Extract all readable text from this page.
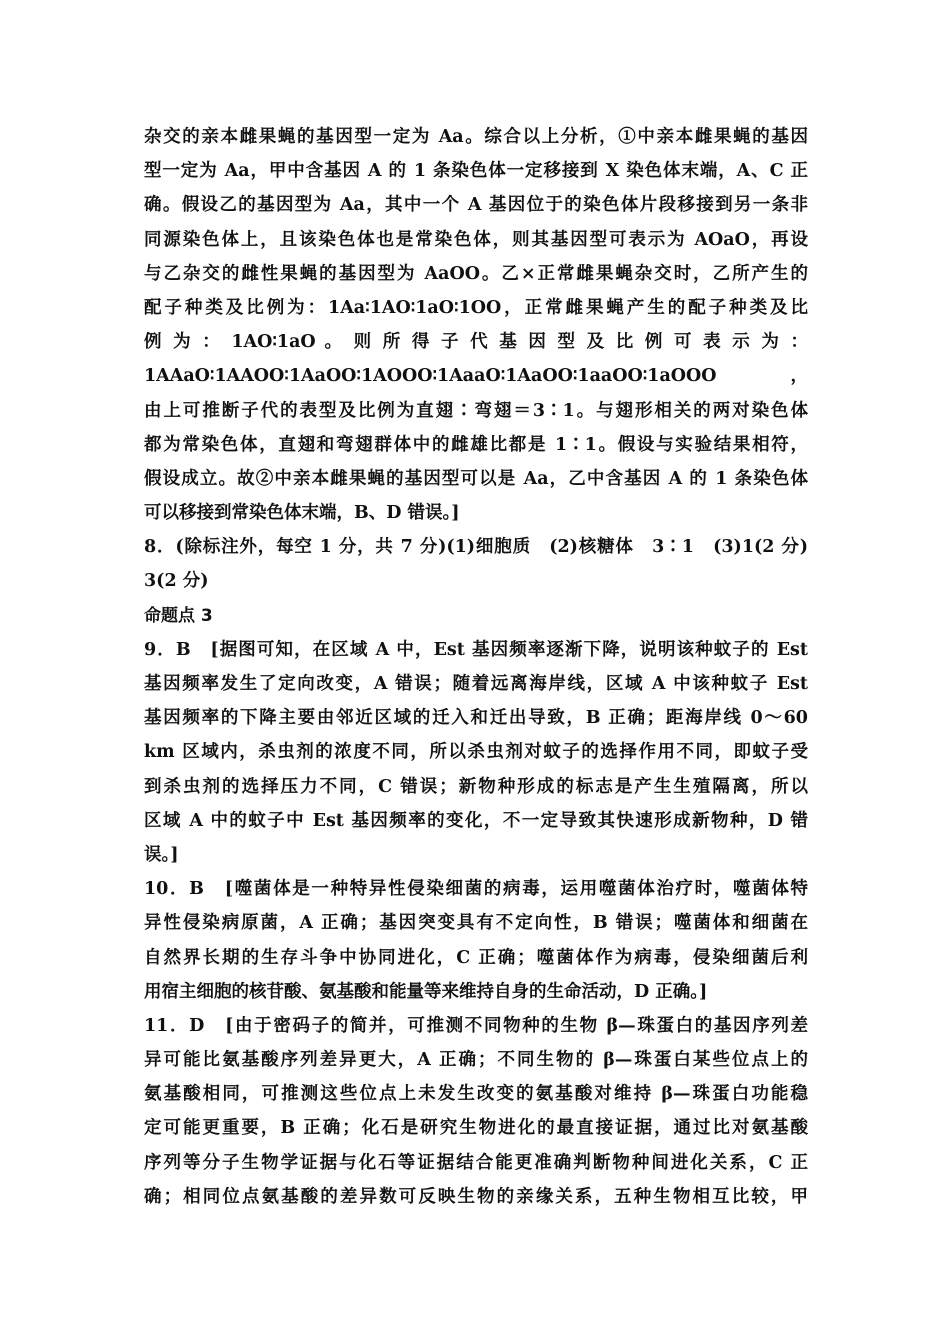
杂交的亲本雌果蝇的基因型一定为 Aa。综合以上分析，①中亲本雌果蝇的基因
型一定为 Aa，甲中含基因 A 的 1 条染色体一定移接到 X 染色体末端，A、C 正
确。假设乙的基因型为 Aa，其中一个 A 基因位于的染色体片段移接到另一条非
同源染色体上，且该染色体也是常染色体，则其基因型可表示为 AOaO，再设
与乙杂交的雌性果蝇的基因型为 AaOO。乙×正常雌果蝇杂交时，乙所产生的
配子种类及比例为：1Aa∶1AO∶1aO∶1OO，正常雌果蝇产生的配子种类及比
例 为 ： 1AO∶1aO 。 则 所 得 子 代 基 因 型 及 比 例 可 表 示 为 ：
1AAaO∶1AAOO∶1AaOO∶1AOOO∶1AaaO∶1AaOO∶1aaOO∶1aOOO ，
由上可推断子代的表型及比例为直翅∶弯翅＝3∶1。与翅形相关的两对染色体
都为常染色体，直翅和弯翅群体中的雌雄比都是 1∶1。假设与实验结果相符，
假设成立。故②中亲本雌果蝇的基因型可以是 Aa，乙中含基因 A 的 1 条染色体
可以移接到常染色体末端，B、D 错误。]
8．(除标注外，每空 1 分，共 7 分)(1)细胞质　(2)核糖体　3∶1　(3)1(2 分)
3(2 分)
命题点 3
9．B　[据图可知，在区域 A 中，Est 基因频率逐渐下降，说明该种蚊子的 Est
基因频率发生了定向改变，A 错误；随着远离海岸线，区域 A 中该种蚊子 Est
基因频率的下降主要由邻近区域的迁入和迁出导致，B 正确；距海岸线 0～60
km 区域内，杀虫剂的浓度不同，所以杀虫剂对蚊子的选择作用不同，即蚊子受
到杀虫剂的选择压力不同，C 错误；新物种形成的标志是产生生殖隔离，所以
区域 A 中的蚊子中 Est 基因频率的变化，不一定导致其快速形成新物种，D 错
误。]
10．B　[噬菌体是一种特异性侵染细菌的病毒，运用噬菌体治疗时，噬菌体特
异性侵染病原菌，A 正确；基因突变具有不定向性，B 错误；噬菌体和细菌在
自然界长期的生存斗争中协同进化，C 正确；噬菌体作为病毒，侵染细菌后利
用宿主细胞的核苷酸、氨基酸和能量等来维持自身的生命活动，D 正确。]
11．D　[由于密码子的简并，可推测不同物种的生物 β—珠蛋白的基因序列差
异可能比氨基酸序列差异更大，A 正确；不同生物的 β—珠蛋白某些位点上的
氨基酸相同，可推测这些位点上未发生改变的氨基酸对维持 β—珠蛋白功能稳
定可能更重要，B 正确；化石是研究生物进化的最直接证据，通过比对氨基酸
序列等分子生物学证据与化石等证据结合能更准确判断物种间进化关系，C 正
确；相同位点氨基酸的差异数可反映生物的亲缘关系，五种生物相互比较，甲
